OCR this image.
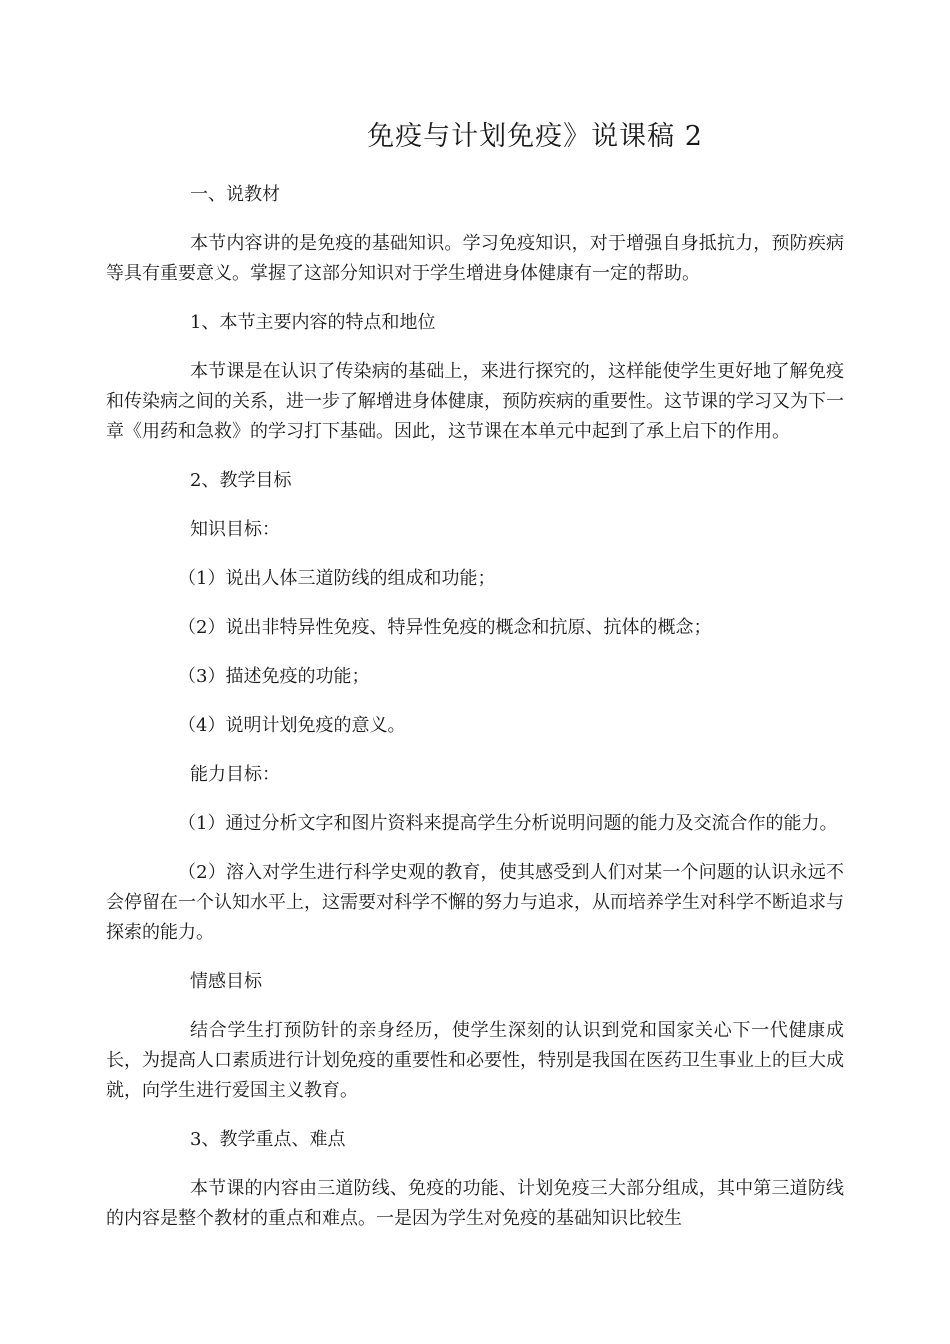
免疫与计划免疫》说课稿 2

一、说教材

本节内容讲的是免疫的基础知识。学习免疫知识，对于增强自身抵抗力，预防疾病等具有重要意义。掌握了这部分知识对于学生增进身体健康有一定的帮助。

1、本节主要内容的特点和地位

本节课是在认识了传染病的基础上，来进行探究的，这样能使学生更好地了解免疫和传染病之间的关系，进一步了解增进身体健康，预防疾病的重要性。这节课的学习又为下一章《用药和急救》的学习打下基础。因此，这节课在本单元中起到了承上启下的作用。

2、教学目标

知识目标：

（1）说出人体三道防线的组成和功能；

（2）说出非特异性免疫、特异性免疫的概念和抗原、抗体的概念；

（3）描述免疫的功能；

（4）说明计划免疫的意义。

能力目标：

（1）通过分析文字和图片资料来提高学生分析说明问题的能力及交流合作的能力。

（2）溶入对学生进行科学史观的教育，使其感受到人们对某一个问题的认识永远不会停留在一个认知水平上，这需要对科学不懈的努力与追求，从而培养学生对科学不断追求与探索的能力。

情感目标

结合学生打预防针的亲身经历，使学生深刻的认识到党和国家关心下一代健康成长，为提高人口素质进行计划免疫的重要性和必要性，特别是我国在医药卫生事业上的巨大成就，向学生进行爱国主义教育。

3、教学重点、难点

本节课的内容由三道防线、免疫的功能、计划免疫三大部分组成，其中第三道防线的内容是整个教材的重点和难点。一是因为学生对免疫的基础知识比较生
